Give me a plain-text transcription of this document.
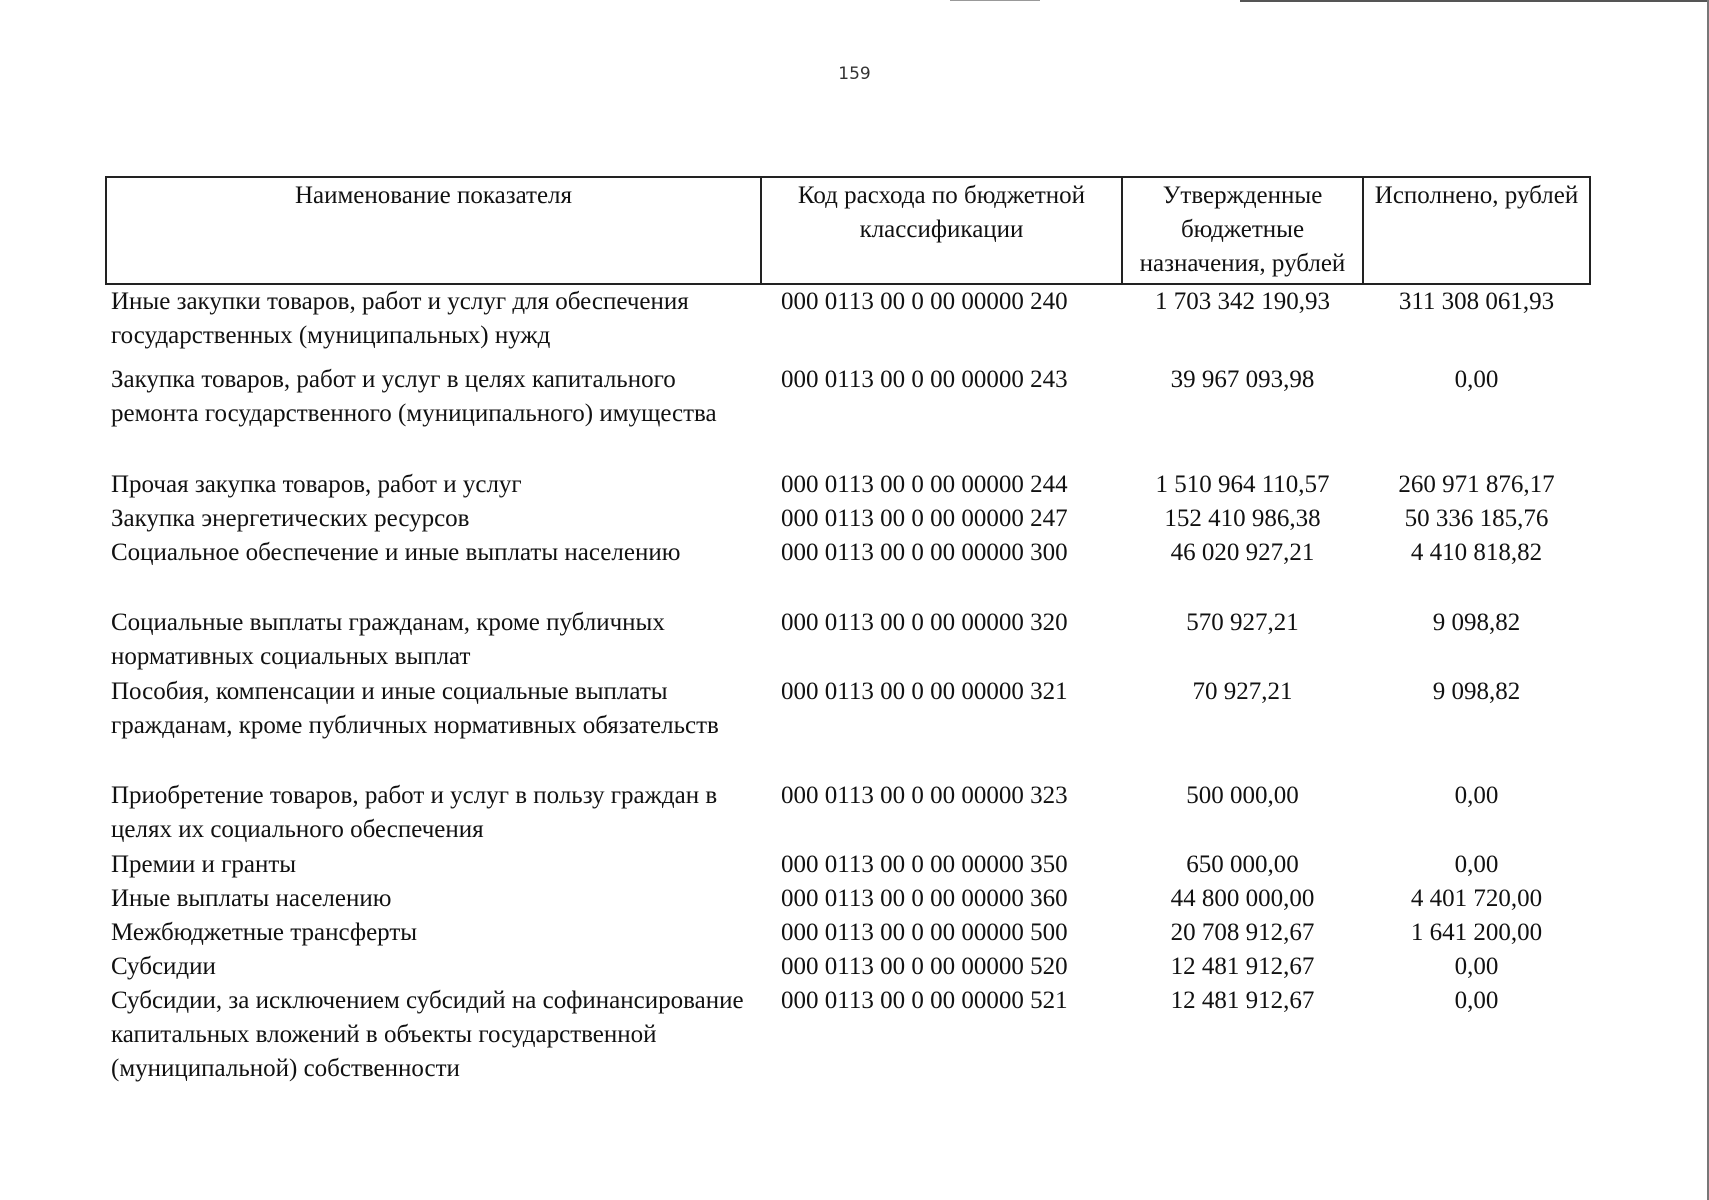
159
Наименование показателя	Код расхода по бюджетной классификации	Утвержденные бюджетные назначения, рублей	Исполнено, рублей
Иные закупки товаров, работ и услуг для обеспечения государственных (муниципальных) нужд	000 0113 00 0 00 00000 240	1 703 342 190,93	311 308 061,93
Закупка товаров, работ и услуг в целях капитального ремонта государственного (муниципального) имущества	000 0113 00 0 00 00000 243	39 967 093,98	0,00
Прочая закупка товаров, работ и услуг	000 0113 00 0 00 00000 244	1 510 964 110,57	260 971 876,17
Закупка энергетических ресурсов	000 0113 00 0 00 00000 247	152 410 986,38	50 336 185,76
Социальное обеспечение и иные выплаты населению	000 0113 00 0 00 00000 300	46 020 927,21	4 410 818,82
Социальные выплаты гражданам, кроме публичных нормативных социальных выплат	000 0113 00 0 00 00000 320	570 927,21	9 098,82
Пособия, компенсации и иные социальные выплаты гражданам, кроме публичных нормативных обязательств	000 0113 00 0 00 00000 321	70 927,21	9 098,82
Приобретение товаров, работ и услуг в пользу граждан в целях их социального обеспечения	000 0113 00 0 00 00000 323	500 000,00	0,00
Премии и гранты	000 0113 00 0 00 00000 350	650 000,00	0,00
Иные выплаты населению	000 0113 00 0 00 00000 360	44 800 000,00	4 401 720,00
Межбюджетные трансферты	000 0113 00 0 00 00000 500	20 708 912,67	1 641 200,00
Субсидии	000 0113 00 0 00 00000 520	12 481 912,67	0,00
Субсидии, за исключением субсидий на софинансирование капитальных вложений в объекты государственной (муниципальной) собственности	000 0113 00 0 00 00000 521	12 481 912,67	0,00
